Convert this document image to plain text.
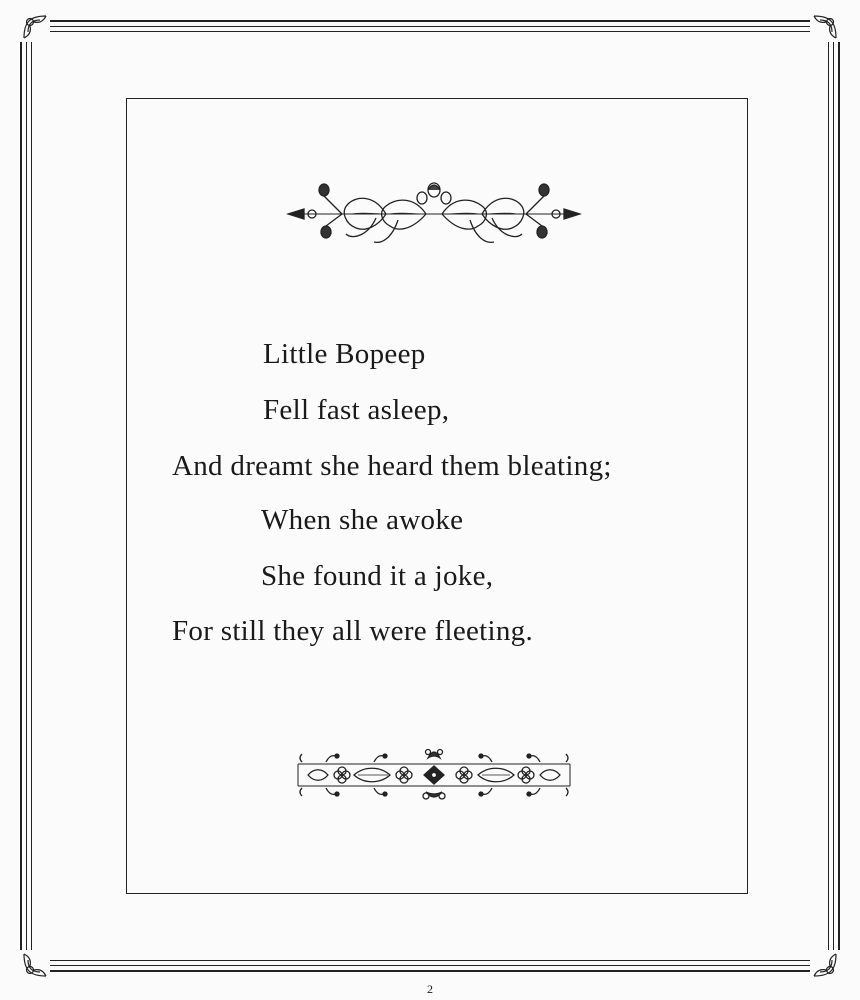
Little Bopeep
Fell fast asleep,
And dreamt she heard them bleating;
When she awoke
She found it a joke,
For still they all were fleeting.
2
